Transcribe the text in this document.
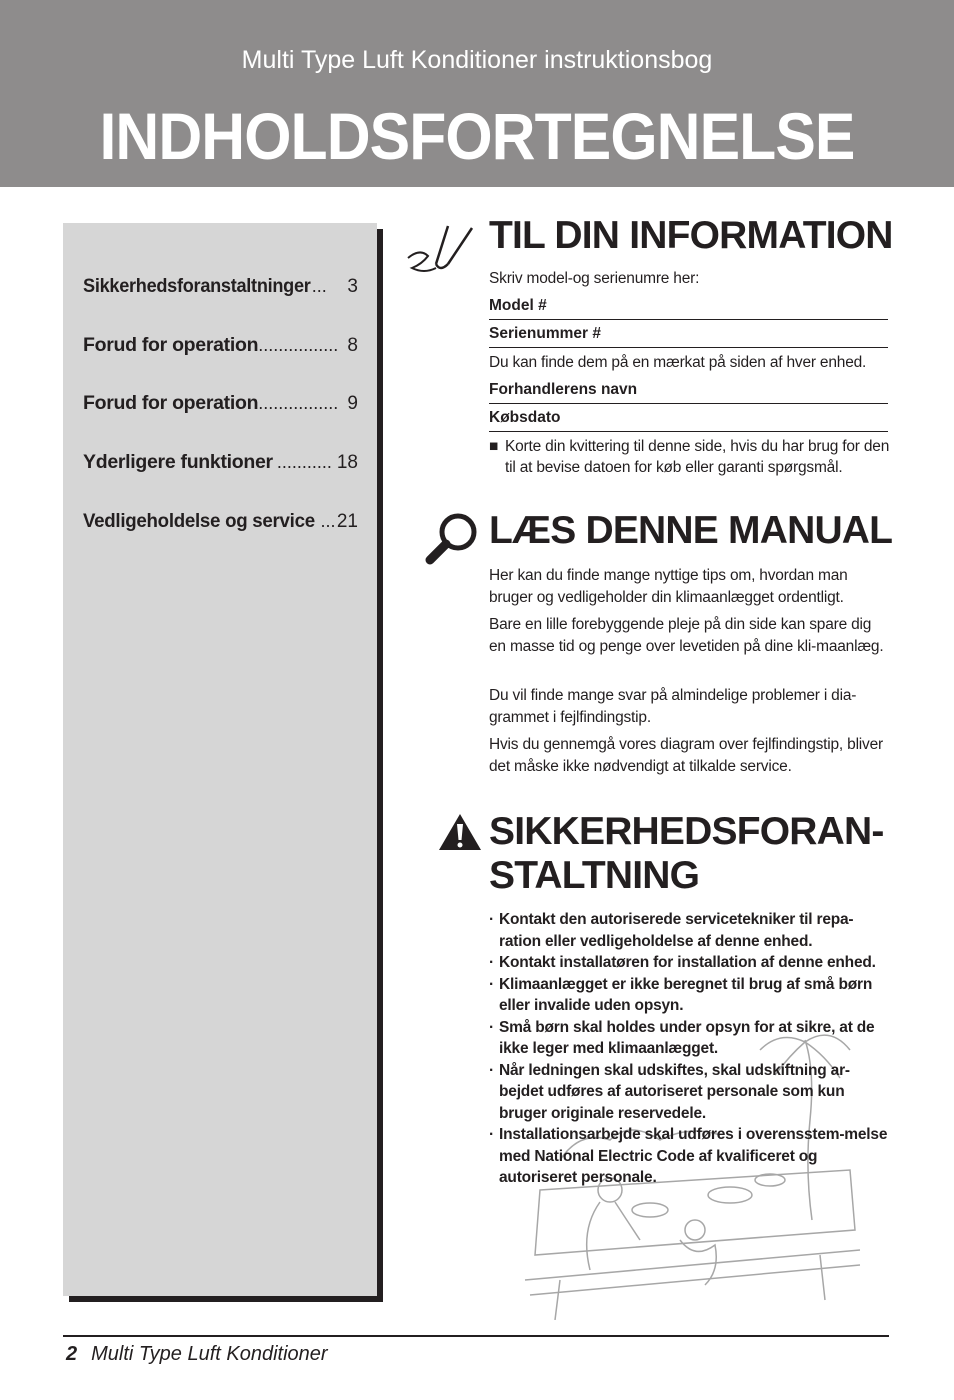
Multi Type Luft Konditioner instruktionsbog
INDHOLDSFORTEGNELSE
Sikkerhedsforanstaltninger ...	3
Forud for operation ................ 8
Forud for operation ................ 9
Yderligere funktioner ........... 18
Vedligeholdelse og service ... 21
TIL DIN INFORMATION
Skriv model-og serienumre her:
Model #
Serienummer #
Du kan finde dem på en mærkat på siden af hver enhed.
Forhandlerens navn
Købsdato
■ Korte din kvittering til denne side, hvis du har brug for den til at bevise datoen for køb eller garanti spørgsmål.
LÆS DENNE MANUAL
Her kan du finde mange nyttige tips om, hvordan man bruger og vedligeholder din klimaanlægget ordentligt.
Bare en lille forebyggende pleje på din side kan spare dig en masse tid og penge over levetiden på dine kli-maanlæg.
Du vil finde mange svar på almindelige problemer i dia-grammet i fejlfindingstip.
Hvis du gennemgå vores diagram over fejlfindingstip, bliver det måske ikke nødvendigt at tilkalde service.
SIKKERHEDSFORAN-
STALTNING
· Kontakt den autoriserede servicetekniker til repa-ration eller vedligeholdelse af denne enhed.
· Kontakt installatøren for installation af denne enhed.
· Klimaanlægget er ikke beregnet til brug af små børn eller invalide uden opsyn.
· Små børn skal holdes under opsyn for at sikre, at de ikke leger med klimaanlægget.
· Når ledningen skal udskiftes, skal udskiftning ar-bejdet udføres af autoriseret personale som kun bruger originale reservedele.
· Installationsarbejde skal udføres i overensstem-melse med National Electric Code af kvalificeret og autoriseret personale.
2 Multi Type Luft Konditioner
